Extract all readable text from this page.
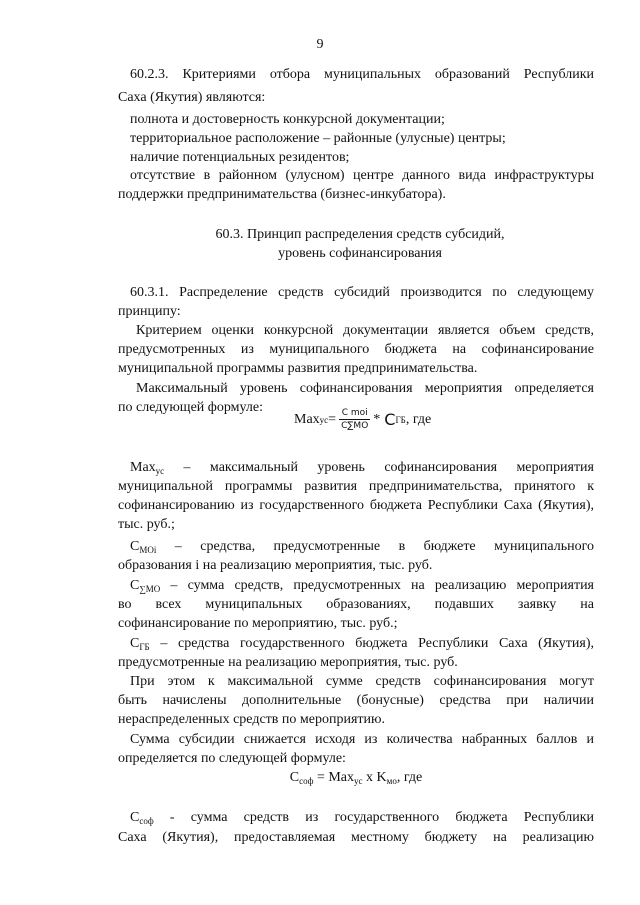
9
60.2.3. Критериями отбора муниципальных образований Республики
Саха (Якутия) являются:
полнота и достоверность конкурсной документации;
территориальное расположение – районные (улусные) центры;
наличие потенциальных резидентов;
отсутствие в районном (улусном) центре данного вида инфраструктуры
поддержки предпринимательства (бизнес-инкубатора).
60.3. Принцип распределения средств субсидий,
уровень софинансирования
60.3.1. Распределение средств субсидий производится по следующему
принципу:
Критерием оценки конкурсной документации является объем средств,
предусмотренных из муниципального бюджета на софинансирование
муниципальной программы развития предпринимательства.
Максимальный уровень софинансирования мероприятия определяется
по следующей формуле:
Max ус = $\frac{\text{C moi}}{C\sum MO}$ * С ГБ , где
Max$_{ус}$ – максимальный уровень софинансирования мероприятия
муниципальной программы развития предпринимательства, принятого к
софинансированию из государственного бюджета Республики Саха (Якутия),
тыс. руб.;
$С_{МОi}$ – средства, предусмотренные в бюджете муниципального
образования i на реализацию мероприятия, тыс. руб.
$С_{\sum МО}$ – сумма средств, предусмотренных на реализацию мероприятия
во всех муниципальных образованиях, подавших заявку на
софинансирование по мероприятию, тыс. руб.;
$С_{ГБ}$ – средства государственного бюджета Республики Саха (Якутия),
предусмотренные на реализацию мероприятия, тыс. руб.
При этом к максимальной сумме средств софинансирования могут
быть начислены дополнительные (бонусные) средства при наличии
нераспределенных средств по мероприятию.
Сумма субсидии снижается исходя из количества набранных баллов и
определяется по следующей формуле:
$С_{соф} = Max_{ус}$ х $K_{мо}$, где
$С_{соф}$ - сумма средств из государственного бюджета Республики
Саха (Якутия), предоставляемая местному бюджету на реализацию
